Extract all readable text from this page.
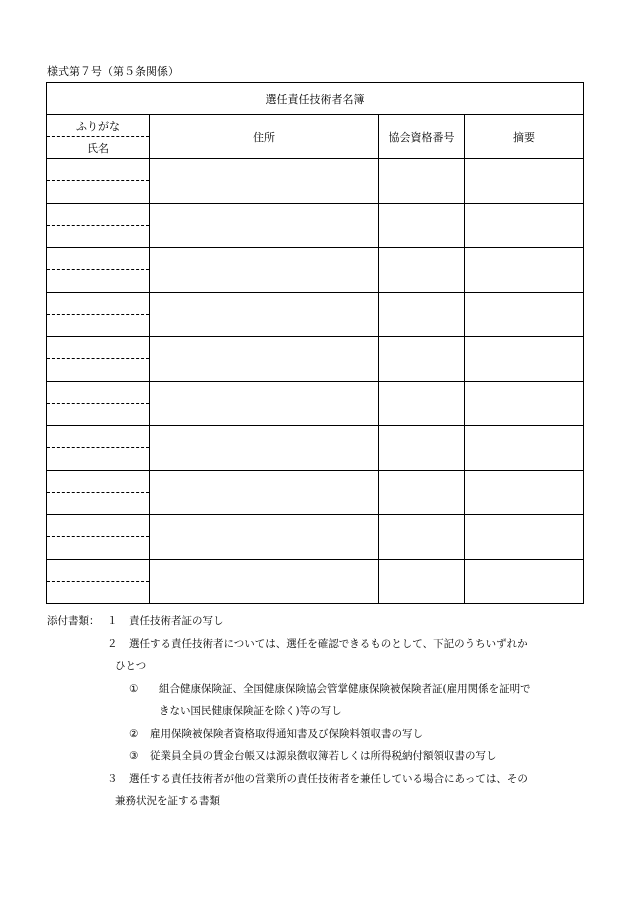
様式第７号（第５条関係）
選任責任技術者名簿			

ふりがな
氏名	住所	協会資格番号	摘要

添付書類： １ 責任技術者証の写し
２ 選任する責任技術者については、選任を確認できるものとして、下記のうちいずれか
ひとつ
① 組合健康保険証、全国健康保険協会管掌健康保険被保険者証(雇用関係を証明で
きない国民健康保険証を除く)等の写し
② 雇用保険被保険者資格取得通知書及び保険料領収書の写し
③ 従業員全員の賃金台帳又は源泉徴収簿若しくは所得税納付額領収書の写し
３ 選任する責任技術者が他の営業所の責任技術者を兼任している場合にあっては、その
兼務状況を証する書類
